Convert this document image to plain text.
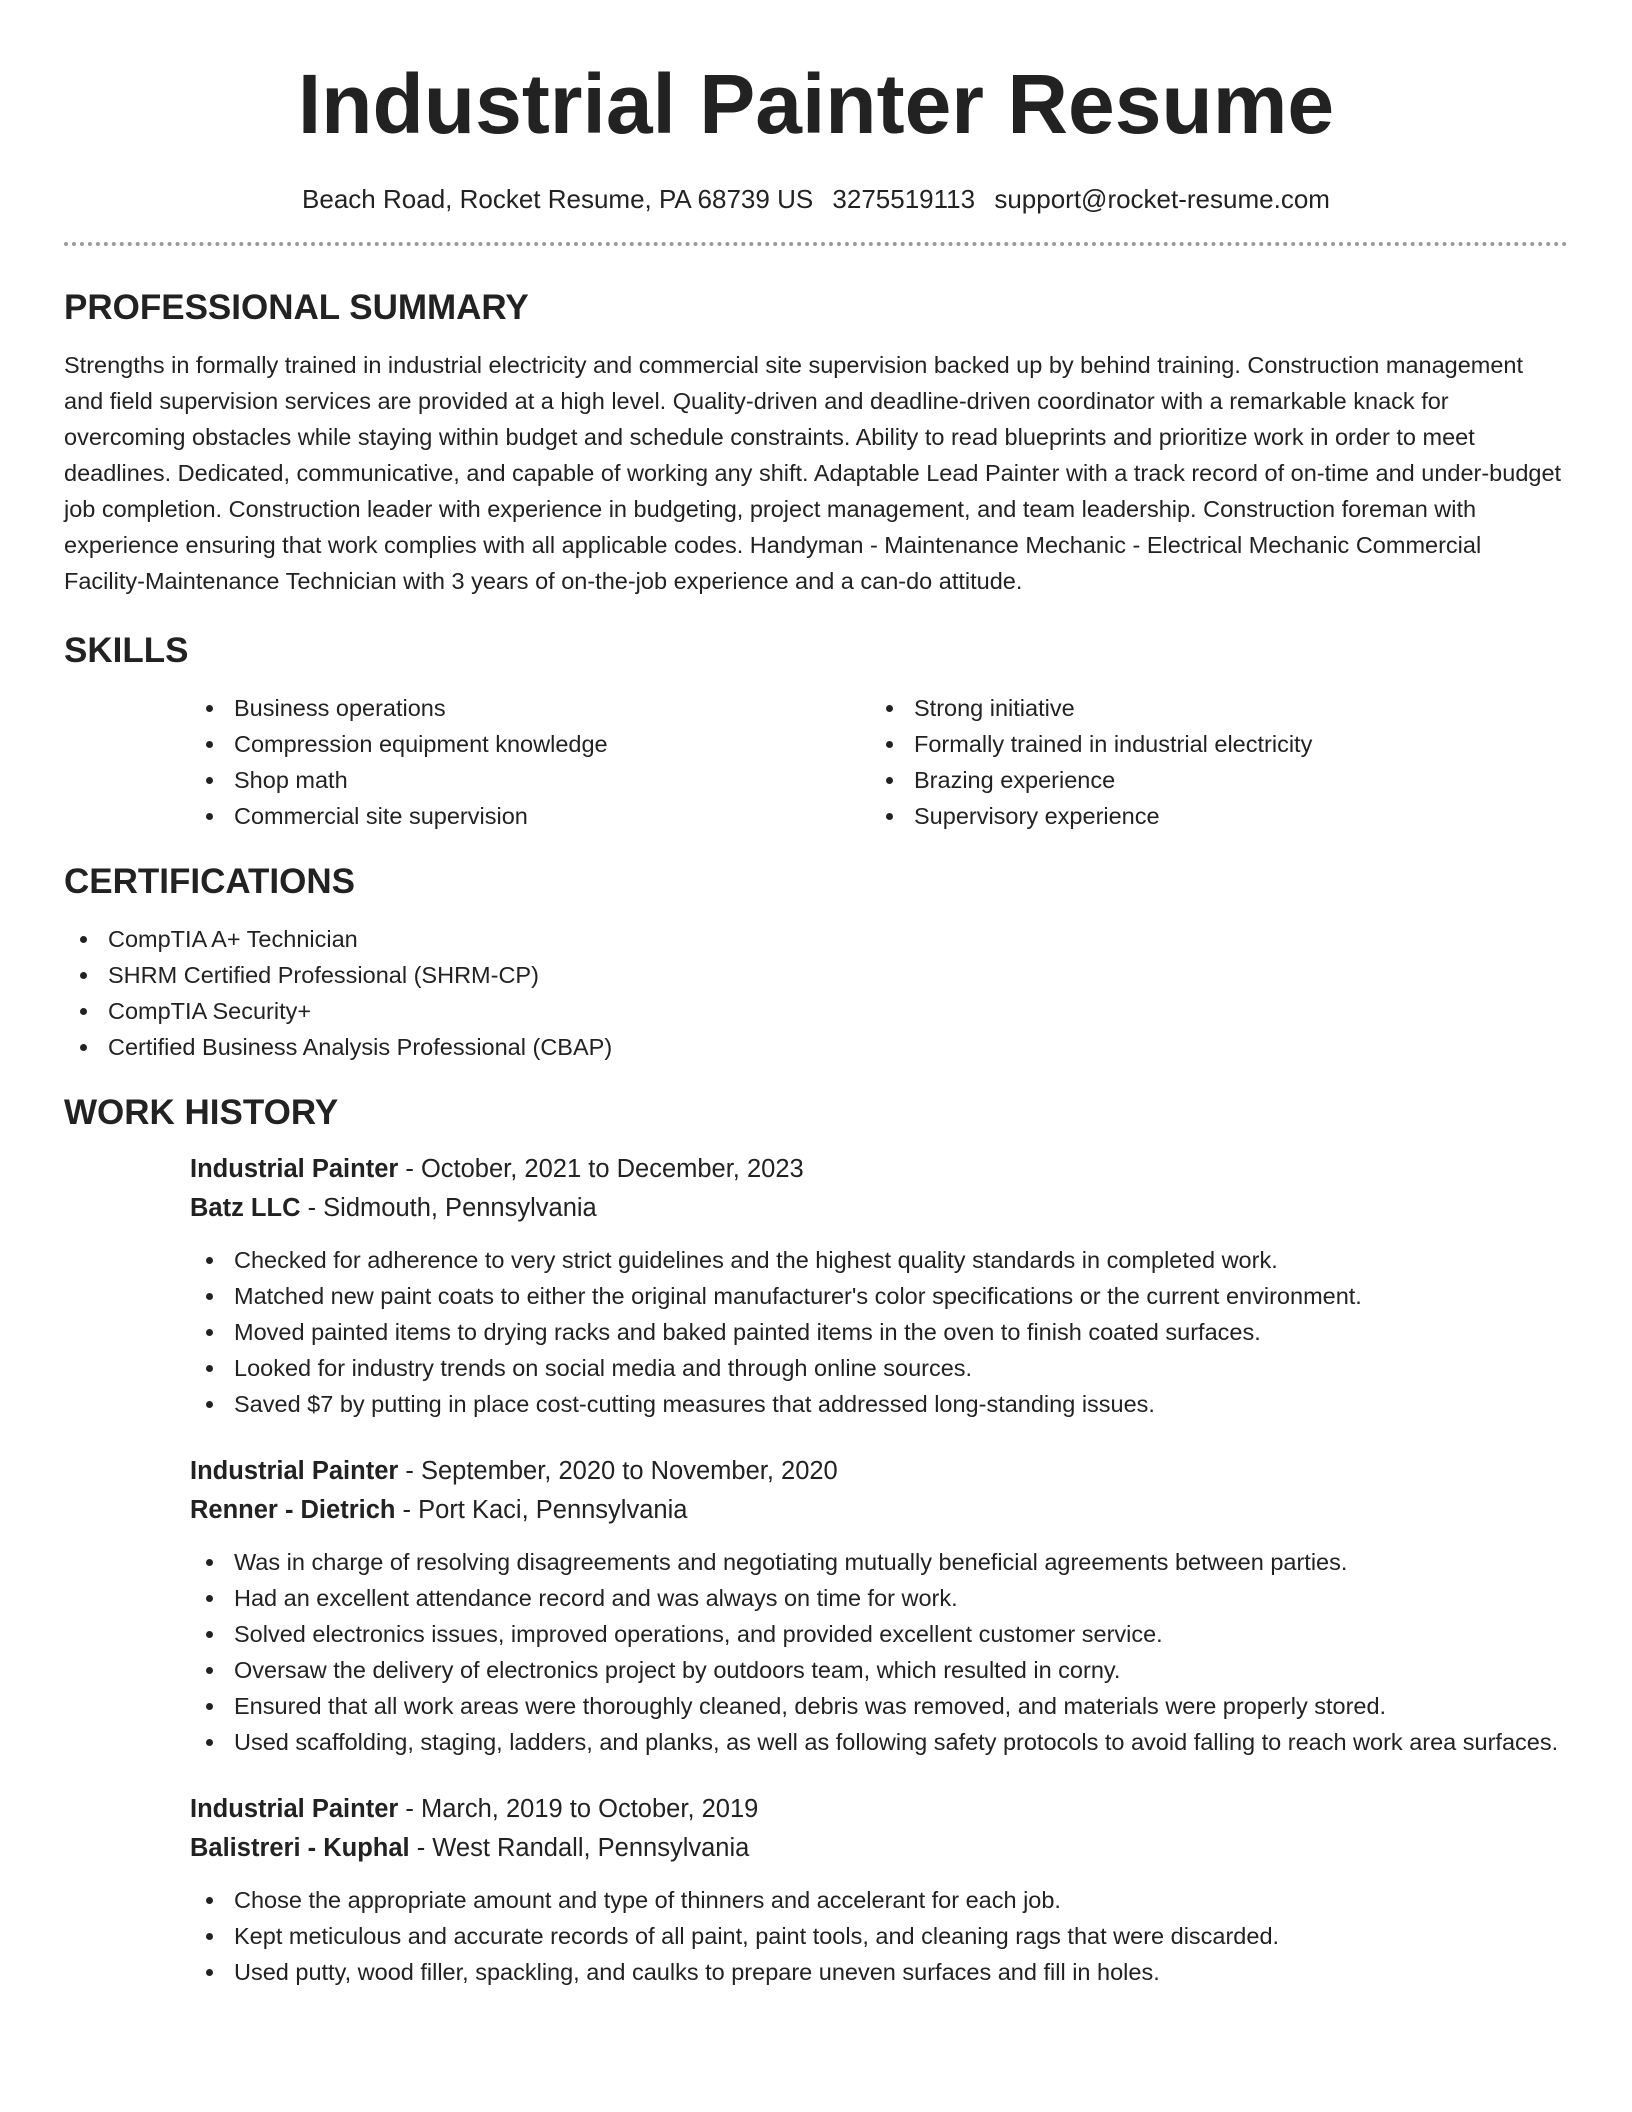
Industrial Painter Resume
Beach Road, Rocket Resume, PA 68739 US 3275519113 support@rocket-resume.com
PROFESSIONAL SUMMARY

Strengths in formally trained in industrial electricity and commercial site supervision backed up by behind training. Construction management and field supervision services are provided at a high level. Quality-driven and deadline-driven coordinator with a remarkable knack for overcoming obstacles while staying within budget and schedule constraints. Ability to read blueprints and prioritize work in order to meet deadlines. Dedicated, communicative, and capable of working any shift. Adaptable Lead Painter with a track record of on-time and under-budget job completion. Construction leader with experience in budgeting, project management, and team leadership. Construction foreman with experience ensuring that work complies with all applicable codes. Handyman - Maintenance Mechanic - Electrical Mechanic Commercial Facility-Maintenance Technician with 3 years of on-the-job experience and a can-do attitude.

SKILLS
Business operations
Compression equipment knowledge
Shop math
Commercial site supervision
Strong initiative
Formally trained in industrial electricity
Brazing experience
Supervisory experience
CERTIFICATIONS
CompTIA A+ Technician
SHRM Certified Professional (SHRM-CP)
CompTIA Security+
Certified Business Analysis Professional (CBAP)
WORK HISTORY
Industrial Painter - October, 2021 to December, 2023
Batz LLC - Sidmouth, Pennsylvania
Checked for adherence to very strict guidelines and the highest quality standards in completed work.
Matched new paint coats to either the original manufacturer's color specifications or the current environment.
Moved painted items to drying racks and baked painted items in the oven to finish coated surfaces.
Looked for industry trends on social media and through online sources.
Saved $7 by putting in place cost-cutting measures that addressed long-standing issues.
Industrial Painter - September, 2020 to November, 2020
Renner - Dietrich - Port Kaci, Pennsylvania
Was in charge of resolving disagreements and negotiating mutually beneficial agreements between parties.
Had an excellent attendance record and was always on time for work.
Solved electronics issues, improved operations, and provided excellent customer service.
Oversaw the delivery of electronics project by outdoors team, which resulted in corny.
Ensured that all work areas were thoroughly cleaned, debris was removed, and materials were properly stored.
Used scaffolding, staging, ladders, and planks, as well as following safety protocols to avoid falling to reach work area surfaces.
Industrial Painter - March, 2019 to October, 2019
Balistreri - Kuphal - West Randall, Pennsylvania
Chose the appropriate amount and type of thinners and accelerant for each job.
Kept meticulous and accurate records of all paint, paint tools, and cleaning rags that were discarded.
Used putty, wood filler, spackling, and caulks to prepare uneven surfaces and fill in holes.
